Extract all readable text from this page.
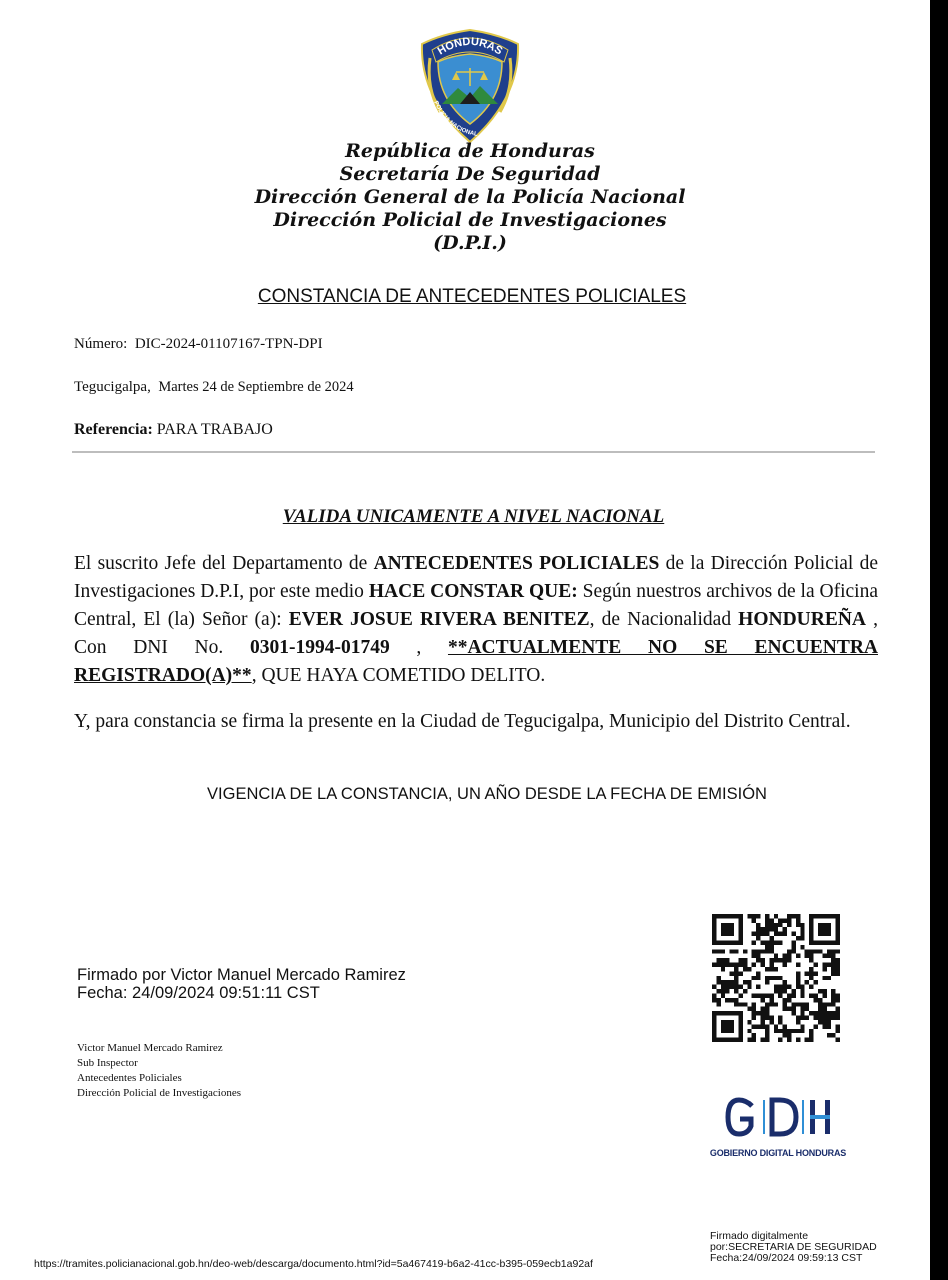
HONDURAS
POLICIA NACIONAL
República de Honduras
Secretaría De Seguridad
Dirección General de la Policía Nacional
Dirección Policial de Investigaciones
(D.P.I.)
CONSTANCIA DE ANTECEDENTES POLICIALES
Número: DIC-2024-01107167-TPN-DPI
Tegucigalpa, Martes 24 de Septiembre de 2024
Referencia: PARA TRABAJO
VALIDA UNICAMENTE A NIVEL NACIONAL
El suscrito Jefe del Departamento de ANTECEDENTES POLICIALES de la Dirección Policial de Investigaciones D.P.I, por este medio HACE CONSTAR QUE: Según nuestros archivos de la Oficina Central, El (la) Señor (a): EVER JOSUE RIVERA BENITEZ, de Nacionalidad HONDUREÑA , Con DNI No. 0301-1994-01749 , **ACTUALMENTE NO SE ENCUENTRA REGISTRADO(A)**, QUE HAYA COMETIDO DELITO.
Y, para constancia se firma la presente en la Ciudad de Tegucigalpa, Municipio del Distrito Central.
VIGENCIA DE LA CONSTANCIA, UN AÑO DESDE LA FECHA DE EMISIÓN
Firmado por Victor Manuel Mercado Ramirez
Fecha: 24/09/2024 09:51:11 CST
Victor Manuel Mercado Ramirez
Sub Inspector
Antecedentes Policiales
Dirección Policial de Investigaciones
GOBIERNO DIGITAL HONDURAS
https://tramites.policianacional.gob.hn/deo-web/descarga/documento.html?id=5a467419-b6a2-41cc-b395-059ecb1a92af
Firmado digitalmente
por:SECRETARIA DE SEGURIDAD
Fecha:24/09/2024 09:59:13 CST
